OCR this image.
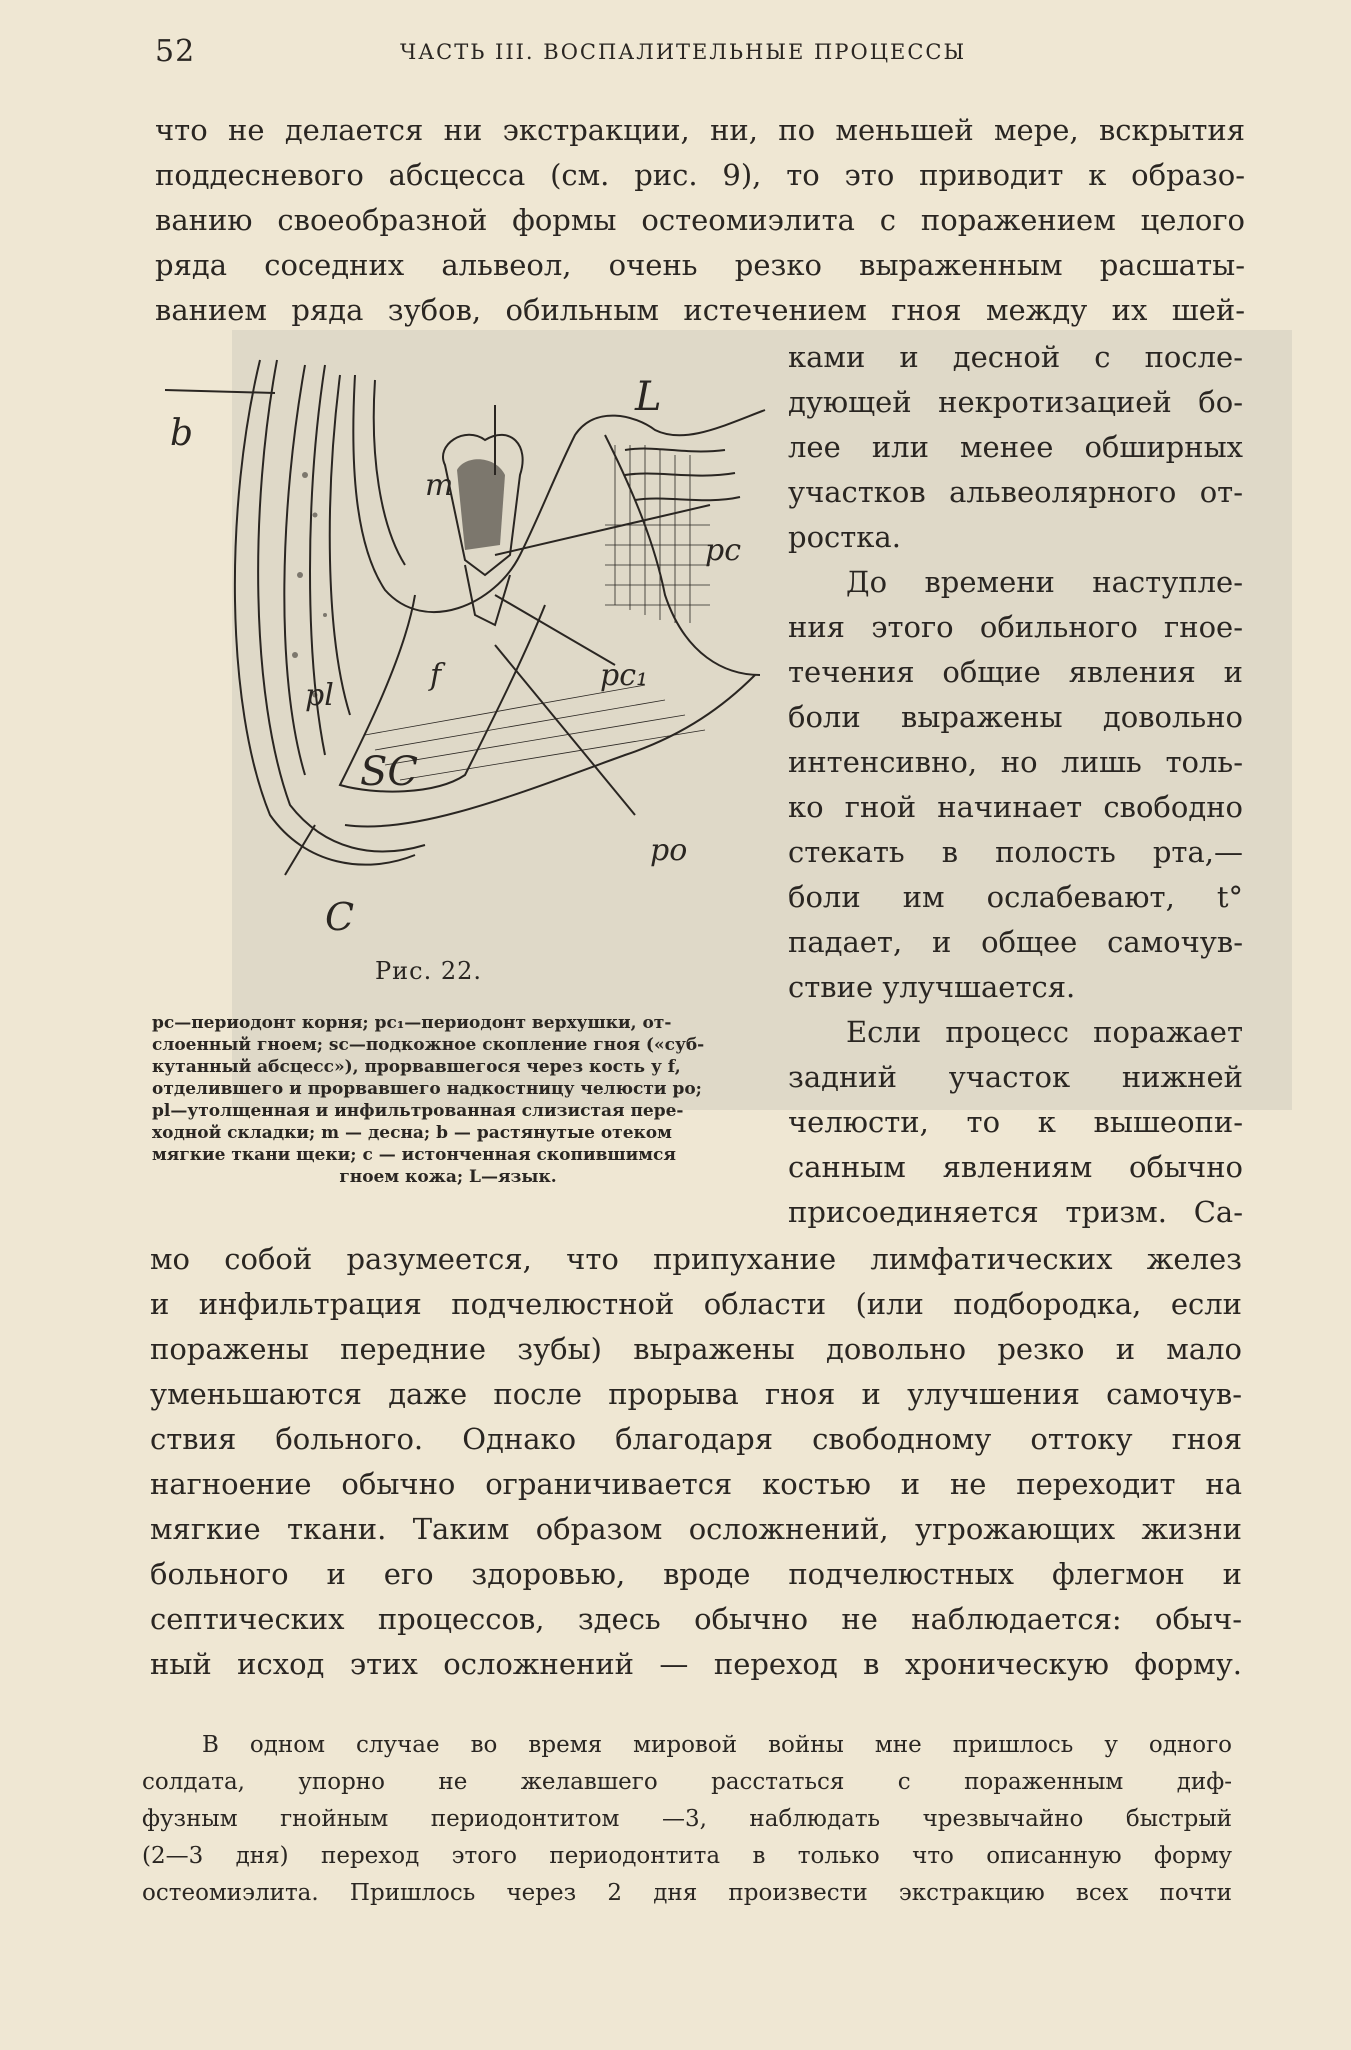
52	ЧАСТЬ III. ВОСПАЛИТЕЛЬНЫЕ ПРОЦЕССЫ
что не делается ни экстракции, ни, по меньшей мере, вскрытия
поддесневого абсцесса (см. рис. 9), то это приводит к образо-
ванию своеобразной формы остеомиэлита с поражением целого
ряда соседних альвеол, очень резко выраженным расшаты-
ванием ряда зубов, обильным истечением гноя между их шей-
ками и десной с после-
дующей некротизацией бо-
лее или менее обширных
участков альвеолярного от-
ростка.
До времени наступле-
ния этого обильного гное-
течения общие явления и
боли выражены довольно
интенсивно, но лишь толь-
ко гной начинает свободно
стекать в полость рта,—
боли им ослабевают, t°
падает, и общее самочув-
ствие улучшается.
Если процесс поражает
задний участок нижней
челюсти, то к вышеопи-
санным явлениям обычно
присоединяется тризм. Са-
b
m
L
pc
pc₁
f
pl
SC
po
C
Рис. 22.
pc—периодонт корня; pc₁—периодонт верхушки, от-
слоенный гноем; sc—подкожное скопление гноя («суб-
кутанный абсцесс»), прорвавшегося через кость у f,
отделившего и прорвавшего надкостницу челюсти po;
pl—утолщенная и инфильтрованная слизистая пере-
ходной складки; m — десна; b — растянутые отеком
мягкие ткани щеки; c — истонченная скопившимся
гноем кожа; L—язык.
мо собой разумеется, что припухание лимфатических желез
и инфильтрация подчелюстной области (или подбородка, если
поражены передние зубы) выражены довольно резко и мало
уменьшаются даже после прорыва гноя и улучшения самочув-
ствия больного. Однако благодаря свободному оттоку гноя
нагноение обычно ограничивается костью и не переходит на
мягкие ткани. Таким образом осложнений, угрожающих жизни
больного и его здоровью, вроде подчелюстных флегмон и
септических процессов, здесь обычно не наблюдается: обыч-
ный исход этих осложнений — переход в хроническую форму.
В одном случае во время мировой войны мне пришлось у одного
солдата, упорно не желавшего расстаться с пораженным диф-
фузным гнойным периодонтитом —3, наблюдать чрезвычайно быстрый
(2—3 дня) переход этого периодонтита в только что описанную форму
остеомиэлита. Пришлось через 2 дня произвести экстракцию всех почти
